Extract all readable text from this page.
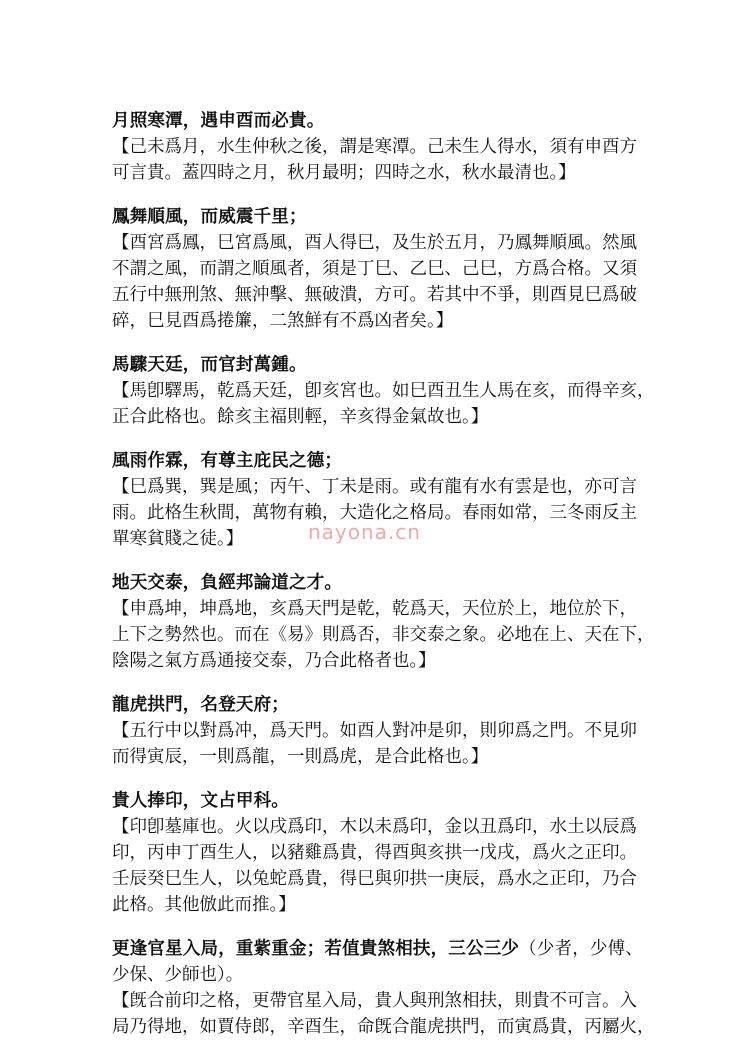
月照寒潭，遇申酉而必貴。

【己未爲月，水生仲秋之後，謂是寒潭。己未生人得水，須有申酉方
可言貴。蓋四時之月，秋月最明；四時之水，秋水最清也。】

鳳舞順風，而威震千里；

【酉宮爲鳳，巳宮爲風，酉人得巳，及生於五月，乃鳳舞順風。然風
不謂之風，而謂之順風者，須是丁巳、乙巳、己巳，方爲合格。又須
五行中無刑煞、無沖擊、無破潰，方可。若其中不爭，則酉見巳爲破
碎，巳見酉爲捲簾，二煞鮮有不爲凶者矣。】

馬驟天廷，而官封萬鍾。

【馬卽驛馬，乾爲天廷，卽亥宮也。如巳酉丑生人馬在亥，而得辛亥，
正合此格也。餘亥主福則輕，辛亥得金氣故也。】

風雨作霖，有尊主庇民之德；

【巳爲巽，巽是風；丙午、丁未是雨。或有龍有水有雲是也，亦可言
雨。此格生秋間，萬物有賴，大造化之格局。春雨如常，三冬雨反主
單寒貧賤之徒。】

地天交泰，負經邦論道之才。

【申爲坤，坤爲地，亥爲天門是乾，乾爲天，天位於上，地位於下，
上下之勢然也。而在《易》則爲否，非交泰之象。必地在上、天在下，
陰陽之氣方爲通接交泰，乃合此格者也。】

龍虎拱門，名登天府；

【五行中以對爲冲，爲天門。如酉人對冲是卯，則卯爲之門。不見卯
而得寅辰，一則爲龍，一則爲虎，是合此格也。】

貴人捧印，文占甲科。

【印卽墓庫也。火以戌爲印，木以未爲印，金以丑爲印，水土以辰爲
印，丙申丁酉生人，以豬雞爲貴，得酉與亥拱一戊戌，爲火之正印。
壬辰癸巳生人，以兔蛇爲貴，得巳與卯拱一庚辰，爲水之正印，乃合
此格。其他倣此而推。】

更逢官星入局，重紫重金；若值貴煞相扶，三公三少（少者，少傅、

少保、少師也）。
【旣合前印之格，更帶官星入局，貴人與刑煞相扶，則貴不可言。入
局乃得地，如賈侍郎，辛酉生，命旣合龍虎拱門，而寅爲貴，丙屬火，

nayona.cn
